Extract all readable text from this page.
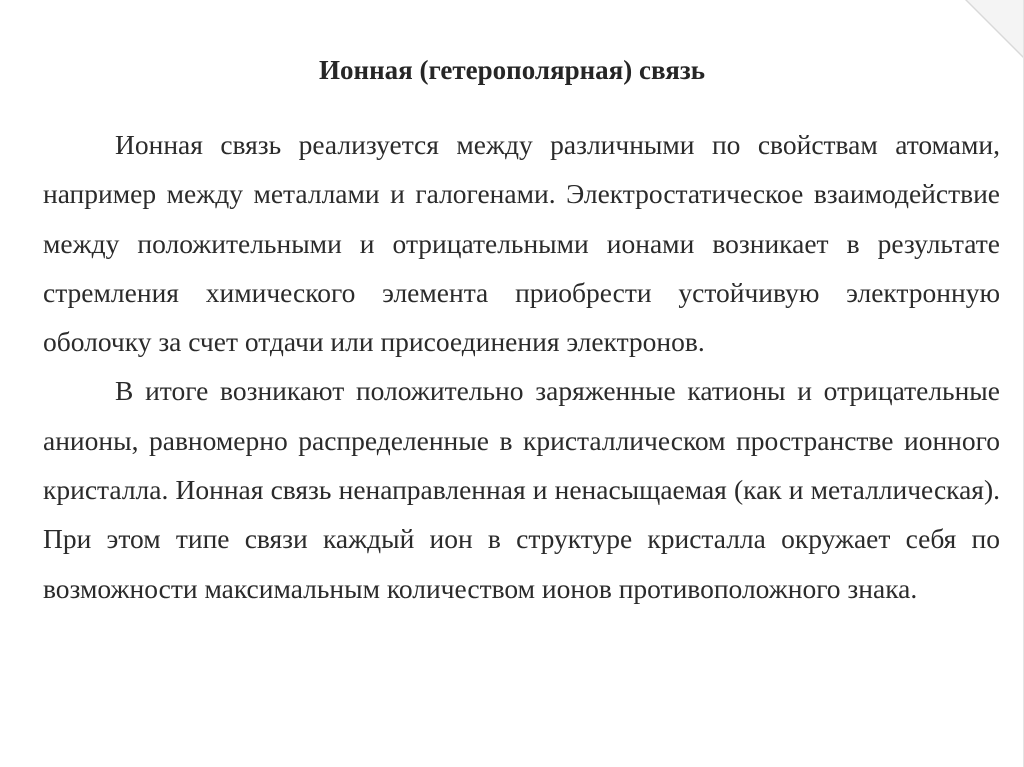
Ионная (гетерополярная) связь

Ионная связь реализуется между различными по свойствам атомами, например между металлами и галогенами. Электростатическое взаимодействие между положительными и отрицательными ионами возникает в результате стремления химического элемента приобрести устойчивую электронную оболочку за счет отдачи или присоединения электронов.

В итоге возникают положительно заряженные катионы и отрицательные анионы, равномерно распределенные в кристаллическом пространстве ионного кристалла. Ионная связь ненаправленная и ненасыщаемая (как и металлическая). При этом типе связи каждый ион в структуре кристалла окружает себя по возможности максимальным количеством ионов противоположного знака.
